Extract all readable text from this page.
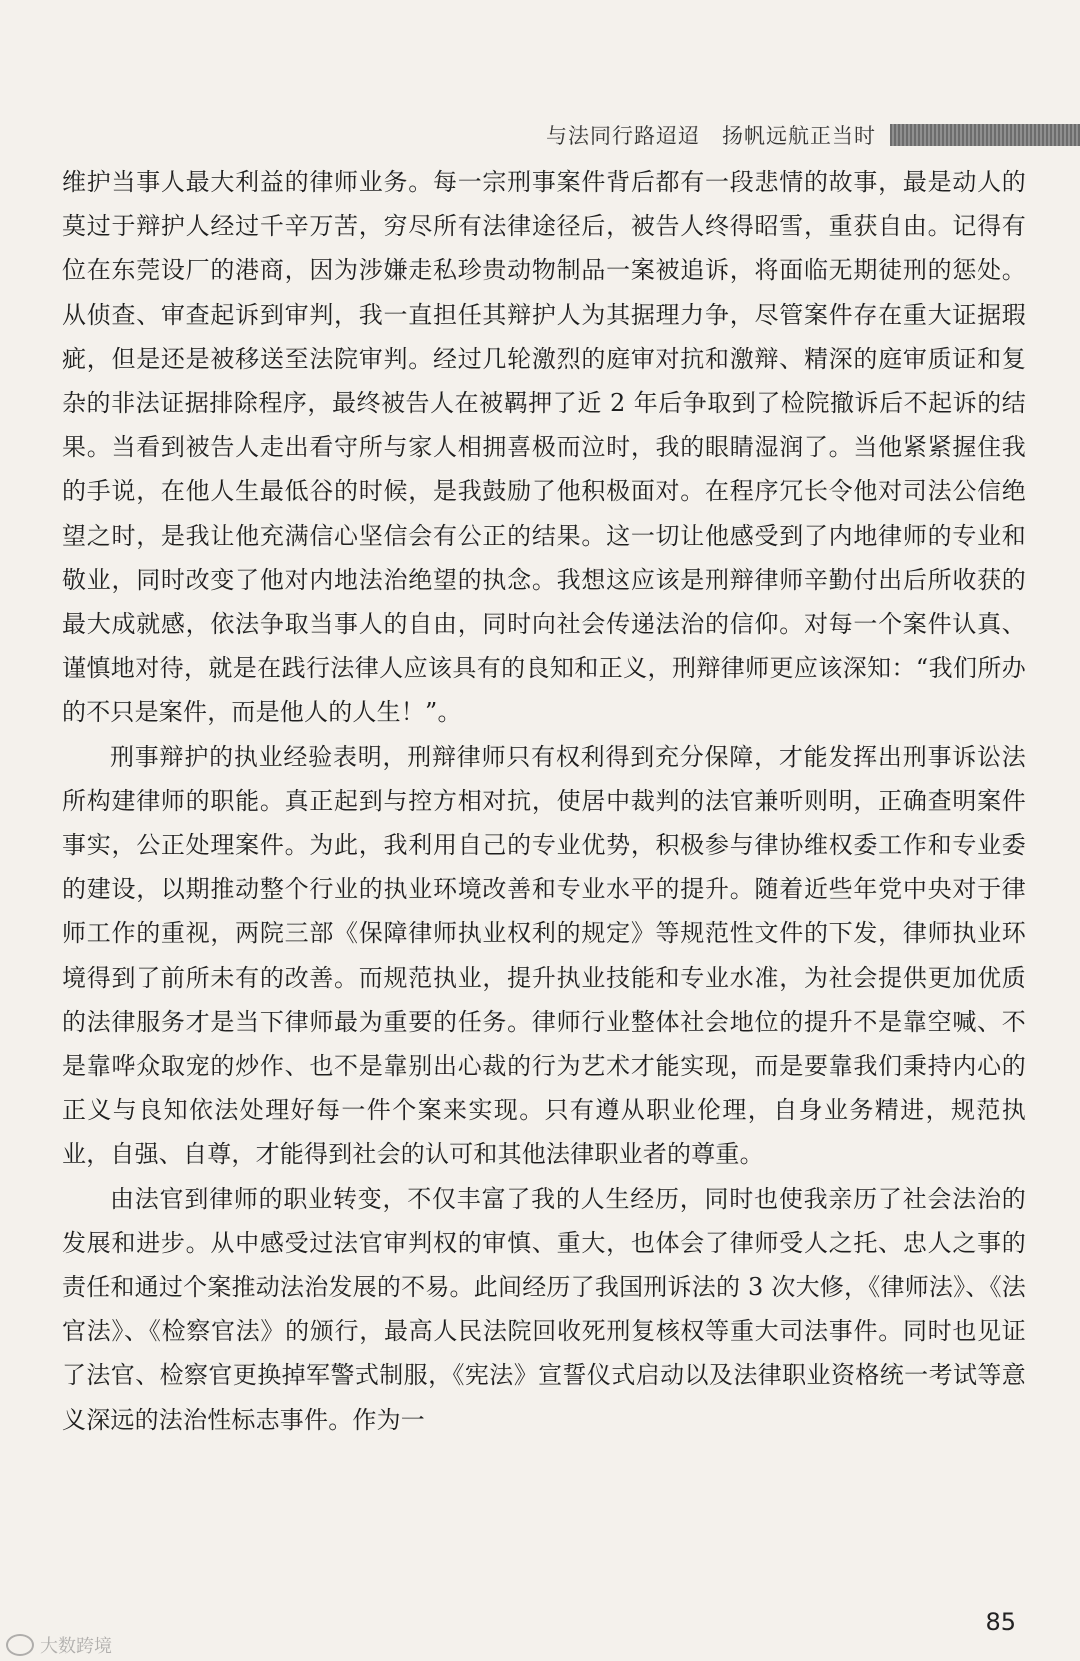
与法同行路迢迢　扬帆远航正当时

维护当事人最大利益的律师业务。每一宗刑事案件背后都有一段悲情的故事，最是动人的莫过于辩护人经过千辛万苦，穷尽所有法律途径后，被告人终得昭雪，重获自由。记得有位在东莞设厂的港商，因为涉嫌走私珍贵动物制品一案被追诉，将面临无期徒刑的惩处。从侦查、审查起诉到审判，我一直担任其辩护人为其据理力争，尽管案件存在重大证据瑕疵，但是还是被移送至法院审判。经过几轮激烈的庭审对抗和激辩、精深的庭审质证和复杂的非法证据排除程序，最终被告人在被羁押了近 2 年后争取到了检院撤诉后不起诉的结果。当看到被告人走出看守所与家人相拥喜极而泣时，我的眼睛湿润了。当他紧紧握住我的手说，在他人生最低谷的时候，是我鼓励了他积极面对。在程序冗长令他对司法公信绝望之时，是我让他充满信心坚信会有公正的结果。这一切让他感受到了内地律师的专业和敬业，同时改变了他对内地法治绝望的执念。我想这应该是刑辩律师辛勤付出后所收获的最大成就感，依法争取当事人的自由，同时向社会传递法治的信仰。对每一个案件认真、谨慎地对待，就是在践行法律人应该具有的良知和正义，刑辩律师更应该深知：“我们所办的不只是案件，而是他人的人生！”。

刑事辩护的执业经验表明，刑辩律师只有权利得到充分保障，才能发挥出刑事诉讼法所构建律师的职能。真正起到与控方相对抗，使居中裁判的法官兼听则明，正确查明案件事实，公正处理案件。为此，我利用自己的专业优势，积极参与律协维权委工作和专业委的建设，以期推动整个行业的执业环境改善和专业水平的提升。随着近些年党中央对于律师工作的重视，两院三部《保障律师执业权利的规定》等规范性文件的下发，律师执业环境得到了前所未有的改善。而规范执业，提升执业技能和专业水准，为社会提供更加优质的法律服务才是当下律师最为重要的任务。律师行业整体社会地位的提升不是靠空喊、不是靠哗众取宠的炒作、也不是靠别出心裁的行为艺术才能实现，而是要靠我们秉持内心的正义与良知依法处理好每一件个案来实现。只有遵从职业伦理，自身业务精进，规范执业，自强、自尊，才能得到社会的认可和其他法律职业者的尊重。

由法官到律师的职业转变，不仅丰富了我的人生经历，同时也使我亲历了社会法治的发展和进步。从中感受过法官审判权的审慎、重大，也体会了律师受人之托、忠人之事的责任和通过个案推动法治发展的不易。此间经历了我国刑诉法的 3 次大修，《律师法》、《法官法》、《检察官法》的颁行，最高人民法院回收死刑复核权等重大司法事件。同时也见证了法官、检察官更换掉军警式制服，《宪法》宣誓仪式启动以及法律职业资格统一考试等意义深远的法治性标志事件。作为一

85
大数跨境
